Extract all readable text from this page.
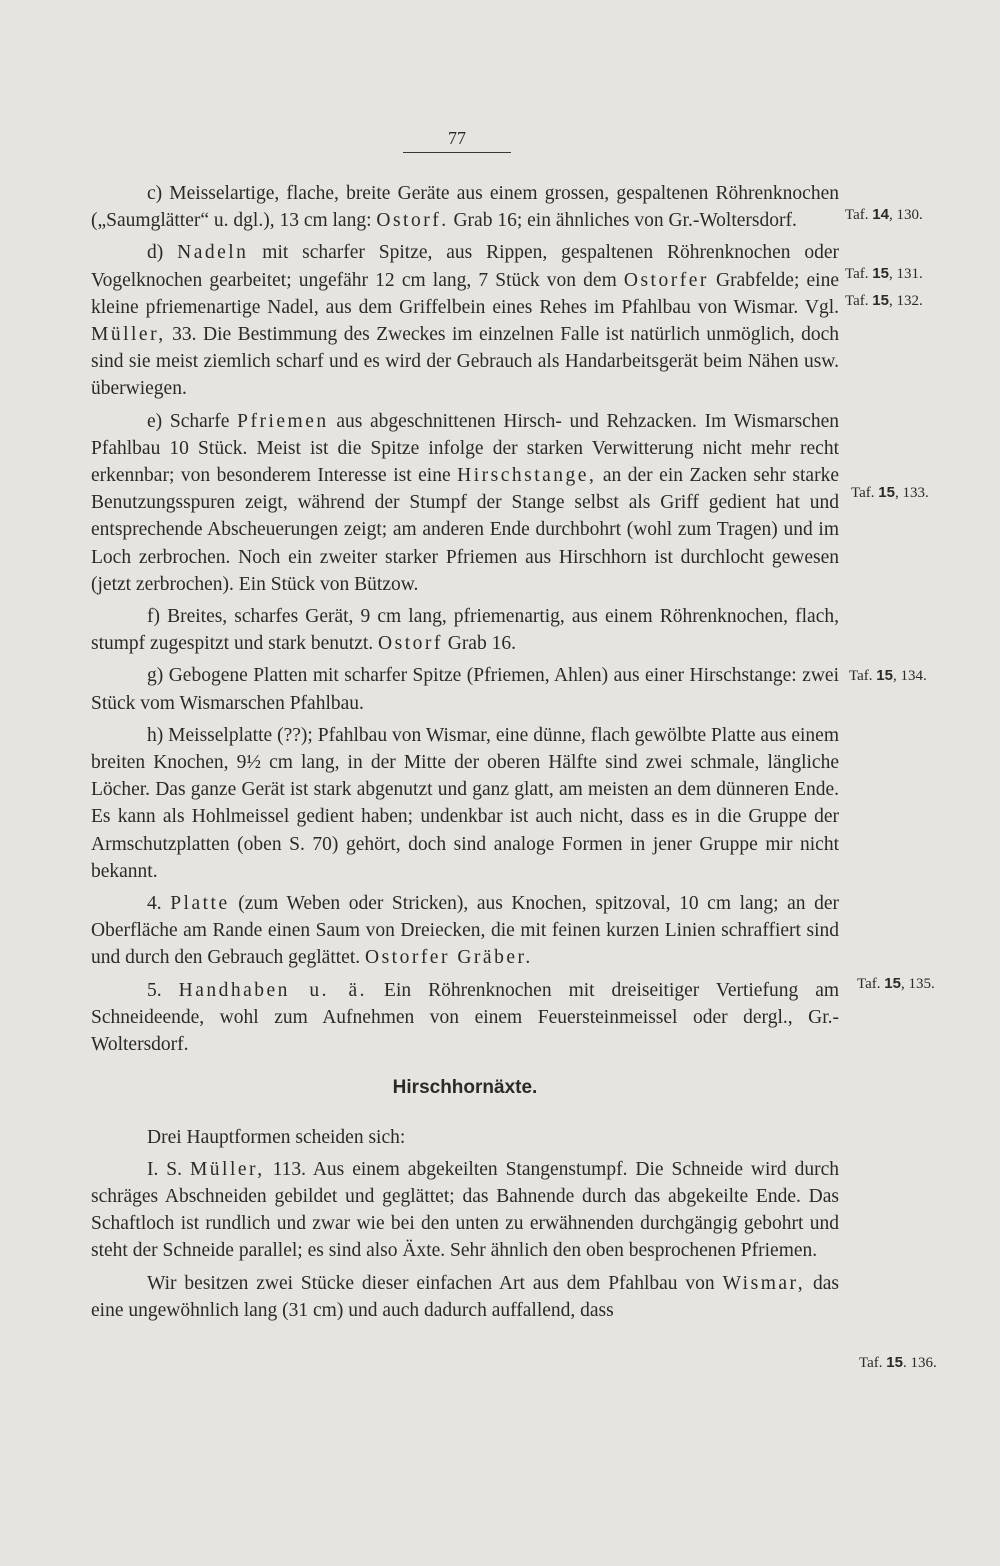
77

c) Meisselartige, flache, breite Geräte aus einem grossen, gespaltenen Röhrenknochen („Saumglätter“ u. dgl.), 13 cm lang: Ostorf. Grab 16; ein ähnliches von Gr.-Woltersdorf.

d) Nadeln mit scharfer Spitze, aus Rippen, gespaltenen Röhrenknochen oder Vogelknochen gearbeitet; ungefähr 12 cm lang, 7 Stück von dem Ostorfer Grabfelde; eine kleine pfriemenartige Nadel, aus dem Griffelbein eines Rehes im Pfahlbau von Wismar. Vgl. Müller, 33. Die Bestimmung des Zweckes im einzelnen Falle ist natürlich unmöglich, doch sind sie meist ziemlich scharf und es wird der Gebrauch als Handarbeitsgerät beim Nähen usw. überwiegen.

e) Scharfe Pfriemen aus abgeschnittenen Hirsch- und Rehzacken. Im Wismarschen Pfahlbau 10 Stück. Meist ist die Spitze infolge der starken Verwitterung nicht mehr recht erkennbar; von besonderem Interesse ist eine Hirschstange, an der ein Zacken sehr starke Benutzungsspuren zeigt, während der Stumpf der Stange selbst als Griff gedient hat und entsprechende Abscheuerungen zeigt; am anderen Ende durchbohrt (wohl zum Tragen) und im Loch zerbrochen. Noch ein zweiter starker Pfriemen aus Hirschhorn ist durchlocht gewesen (jetzt zerbrochen). Ein Stück von Bützow.

f) Breites, scharfes Gerät, 9 cm lang, pfriemenartig, aus einem Röhrenknochen, flach, stumpf zugespitzt und stark benutzt. Ostorf Grab 16.

g) Gebogene Platten mit scharfer Spitze (Pfriemen, Ahlen) aus einer Hirschstange: zwei Stück vom Wismarschen Pfahlbau.

h) Meisselplatte (??); Pfahlbau von Wismar, eine dünne, flach gewölbte Platte aus einem breiten Knochen, 9½ cm lang, in der Mitte der oberen Hälfte sind zwei schmale, längliche Löcher. Das ganze Gerät ist stark abgenutzt und ganz glatt, am meisten an dem dünneren Ende. Es kann als Hohlmeissel gedient haben; undenkbar ist auch nicht, dass es in die Gruppe der Armschutzplatten (oben S. 70) gehört, doch sind analoge Formen in jener Gruppe mir nicht bekannt.

4. Platte (zum Weben oder Stricken), aus Knochen, spitzoval, 10 cm lang; an der Oberfläche am Rande einen Saum von Dreiecken, die mit feinen kurzen Linien schraffiert sind und durch den Gebrauch geglättet. Ostorfer Gräber.

5. Handhaben u. ä. Ein Röhrenknochen mit dreiseitiger Vertiefung am Schneideende, wohl zum Aufnehmen von einem Feuersteinmeissel oder dergl., Gr.-Woltersdorf.

Hirschhornäxte.

Drei Hauptformen scheiden sich:

I. S. Müller, 113. Aus einem abgekeilten Stangenstumpf. Die Schneide wird durch schräges Abschneiden gebildet und geglättet; das Bahnende durch das abgekeilte Ende. Das Schaftloch ist rundlich und zwar wie bei den unten zu erwähnenden durchgängig gebohrt und steht der Schneide parallel; es sind also Äxte. Sehr ähnlich den oben besprochenen Pfriemen.

Wir besitzen zwei Stücke dieser einfachen Art aus dem Pfahlbau von Wismar, das eine ungewöhnlich lang (31 cm) und auch dadurch auffallend, dass

Taf. 14, 130.
Taf. 15, 131.
Taf. 15, 132.
Taf. 15, 133.
Taf. 15, 134.
Taf. 15, 135.
Taf. 15. 136.
